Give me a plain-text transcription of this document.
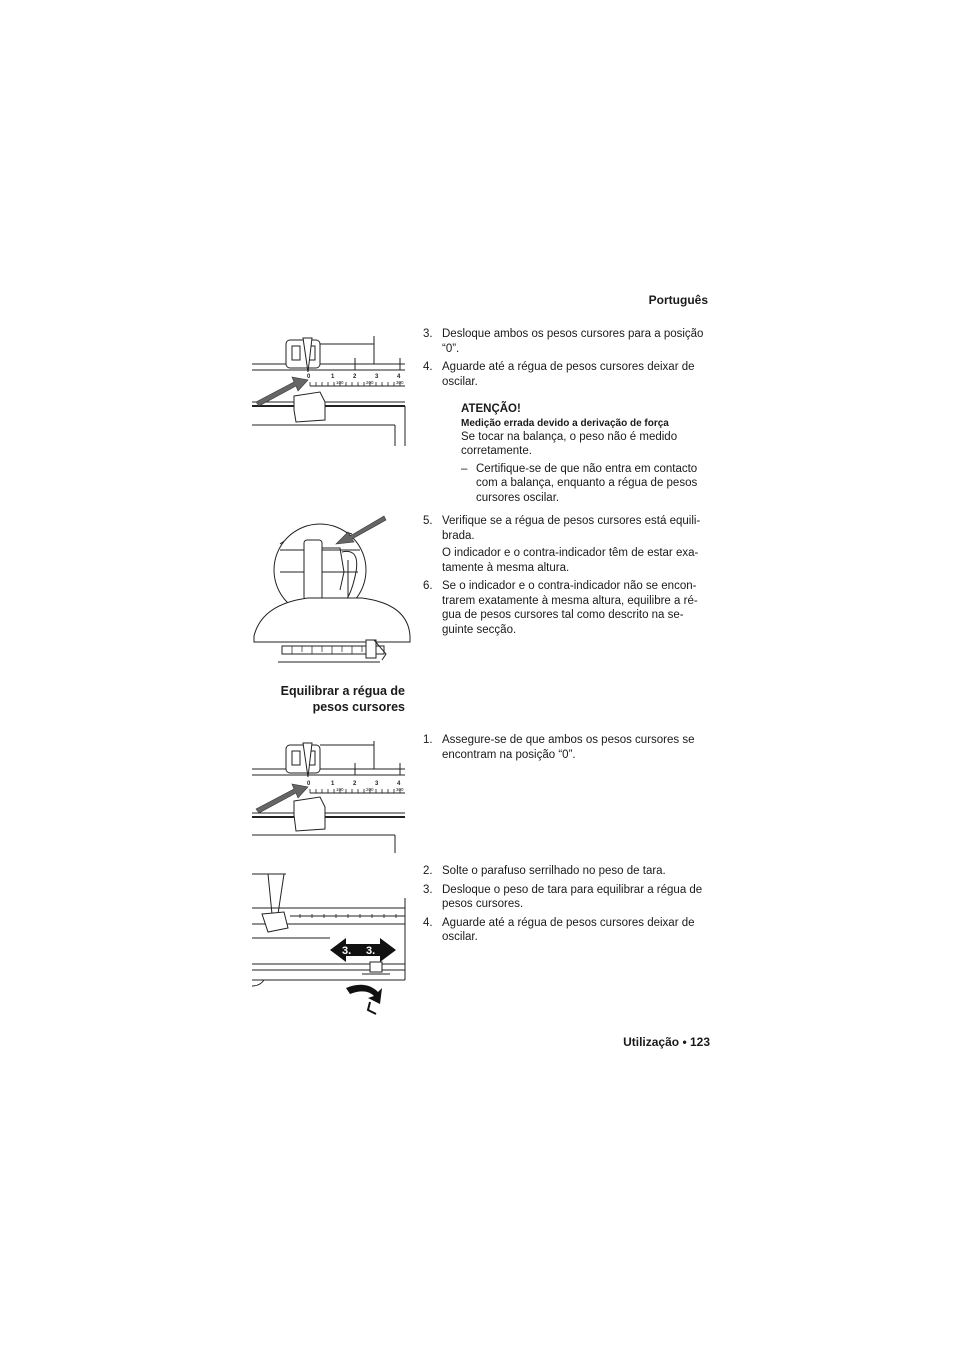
Português
0	1	2	3	4
100	200	300
3. Desloque ambos os pesos cursores para a posição “0”.
4. Aguarde até a régua de pesos cursores deixar de oscilar.
ATENÇÃO!
Medição errada devido a derivação de força
Se tocar na balança, o peso não é medido corretamente.
– Certifique-se de que não entra em contacto com a balança, enquanto a régua de pesos cursores oscilar.
5. Verifique se a régua de pesos cursores está equili-brada.
O indicador e o contra-indicador têm de estar exa-tamente à mesma altura.
6. Se o indicador e o contra-indicador não se encon-trarem exatamente à mesma altura, equilibre a ré-gua de pesos cursores tal como descrito na se-guinte secção.
Equilibrar a régua de
pesos cursores
0	1	2	3	4
100	200	300
1. Assegure-se de que ambos os pesos cursores se encontram na posição “0”.
3. 3.
2.
2. Solte o parafuso serrilhado no peso de tara.
3. Desloque o peso de tara para equilibrar a régua de pesos cursores.
4. Aguarde até a régua de pesos cursores deixar de oscilar.
Utilização • 123
